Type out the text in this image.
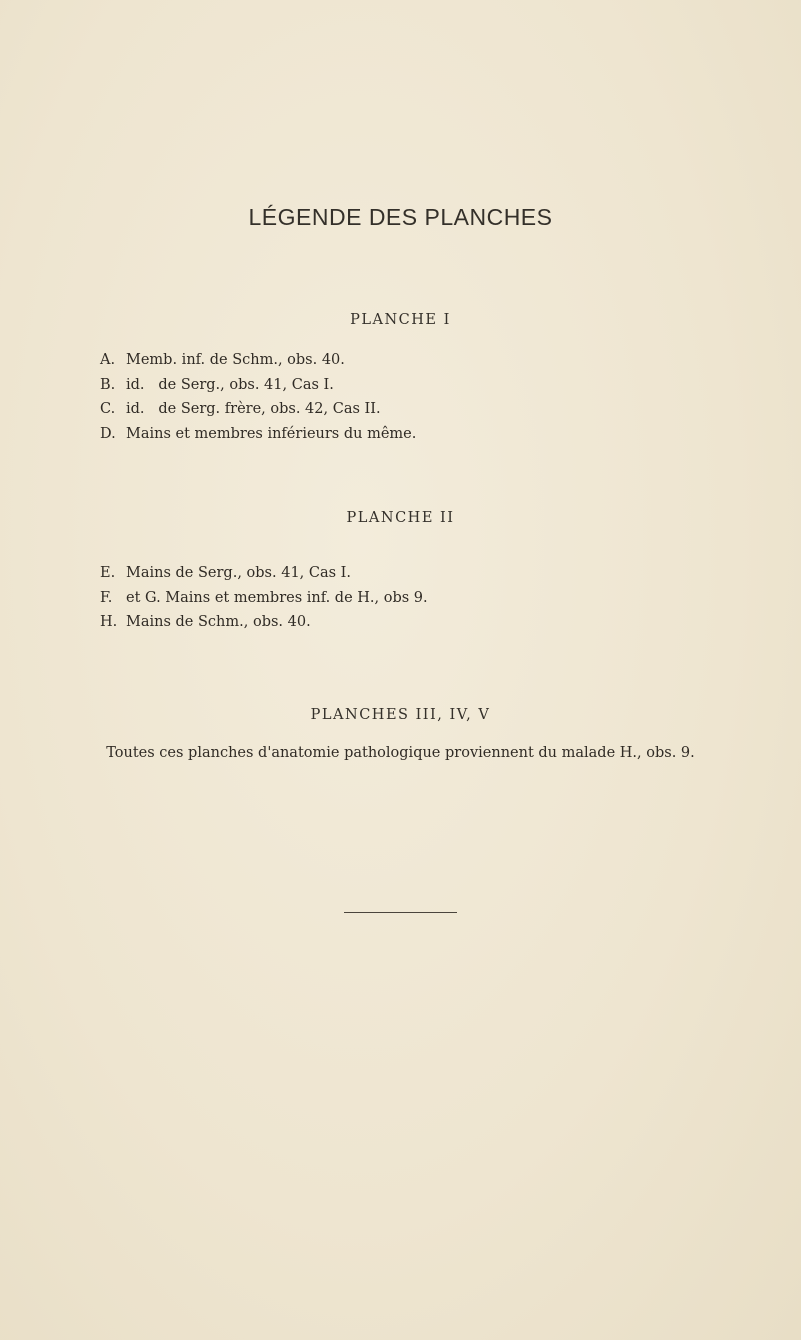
LÉGENDE DES PLANCHES
PLANCHE I
A. Memb. inf. de Schm., obs. 40.
B. id.   de Serg., obs. 41, Cas I.
C. id.   de Serg. frère, obs. 42, Cas II.
D. Mains et membres inférieurs du même.
PLANCHE II
E. Mains de Serg., obs. 41, Cas I.
F. et G. Mains et membres inf. de H., obs 9.
H. Mains de Schm., obs. 40.
PLANCHES III, IV, V
Toutes ces planches d'anatomie pathologique proviennent du malade H., obs. 9.
